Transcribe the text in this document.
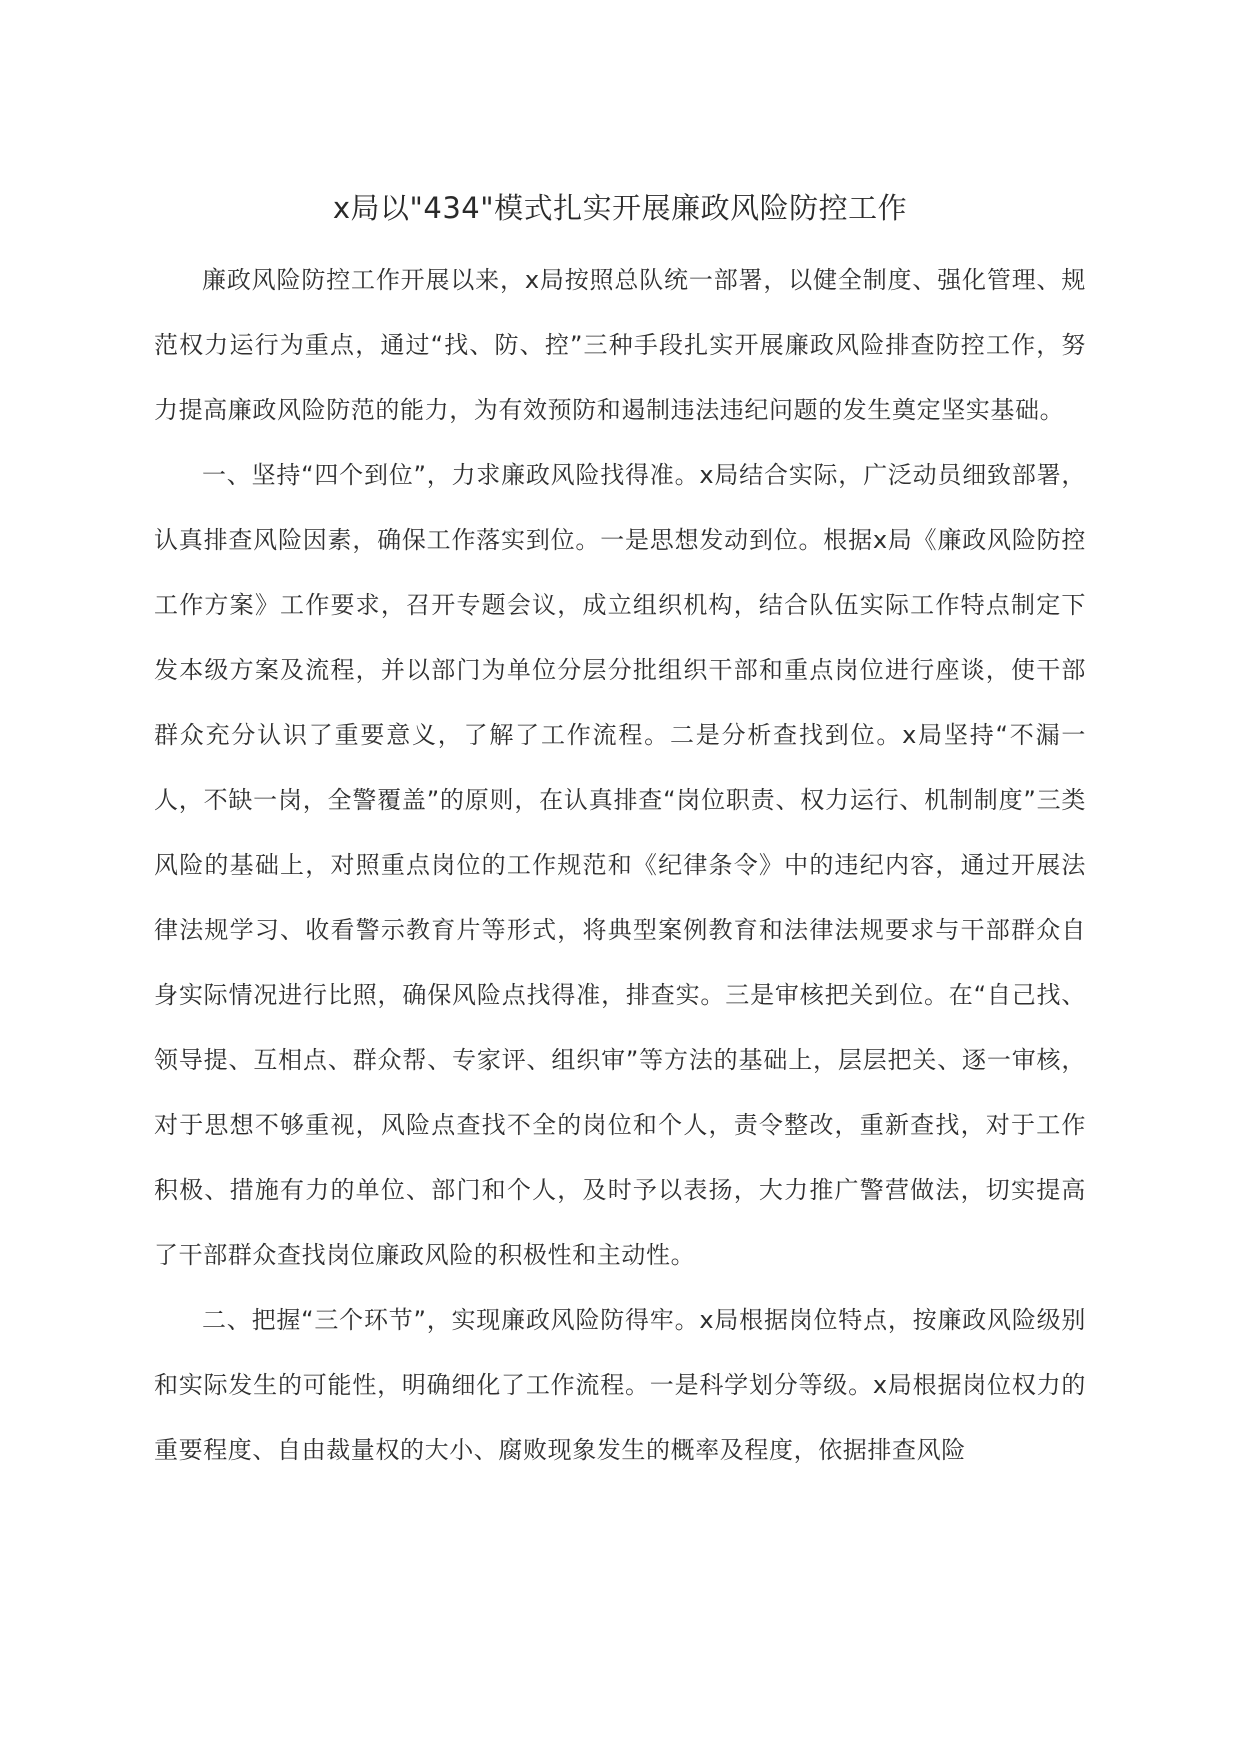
x局以"434"模式扎实开展廉政风险防控工作

廉政风险防控工作开展以来，x局按照总队统一部署，以健全制度、强化管理、规范权力运行为重点，通过“找、防、控”三种手段扎实开展廉政风险排查防控工作，努力提高廉政风险防范的能力，为有效预防和遏制违法违纪问题的发生奠定坚实基础。

一、坚持“四个到位”，力求廉政风险找得准。x局结合实际，广泛动员细致部署，认真排查风险因素，确保工作落实到位。一是思想发动到位。根据x局《廉政风险防控工作方案》工作要求，召开专题会议，成立组织机构，结合队伍实际工作特点制定下发本级方案及流程，并以部门为单位分层分批组织干部和重点岗位进行座谈，使干部群众充分认识了重要意义，了解了工作流程。二是分析查找到位。x局坚持“不漏一人，不缺一岗，全警覆盖”的原则，在认真排查“岗位职责、权力运行、机制制度”三类风险的基础上，对照重点岗位的工作规范和《纪律条令》中的违纪内容，通过开展法律法规学习、收看警示教育片等形式，将典型案例教育和法律法规要求与干部群众自身实际情况进行比照，确保风险点找得准，排查实。三是审核把关到位。在“自己找、领导提、互相点、群众帮、专家评、组织审”等方法的基础上，层层把关、逐一审核，对于思想不够重视，风险点查找不全的岗位和个人，责令整改，重新查找，对于工作积极、措施有力的单位、部门和个人，及时予以表扬，大力推广警营做法，切实提高了干部群众查找岗位廉政风险的积极性和主动性。

二、把握“三个环节”，实现廉政风险防得牢。x局根据岗位特点，按廉政风险级别和实际发生的可能性，明确细化了工作流程。一是科学划分等级。x局根据岗位权力的重要程度、自由裁量权的大小、腐败现象发生的概率及程度，依据排查风险
